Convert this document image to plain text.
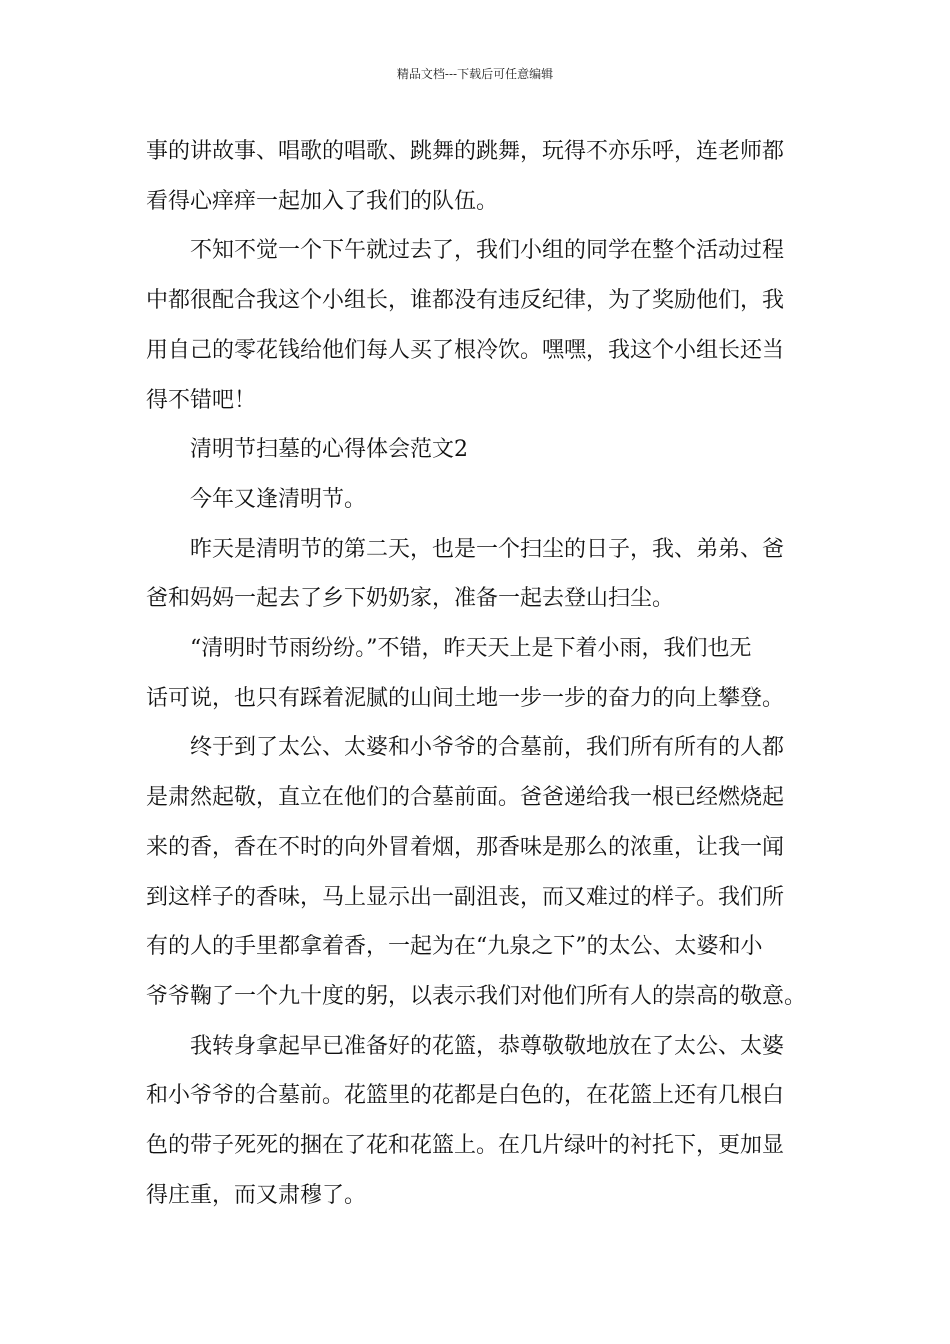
精品文档---下载后可任意编辑
事的讲故事、唱歌的唱歌、跳舞的跳舞，玩得不亦乐呼，连老师都
看得心痒痒一起加入了我们的队伍。
不知不觉一个下午就过去了，我们小组的同学在整个活动过程
中都很配合我这个小组长，谁都没有违反纪律，为了奖励他们，我
用自己的零花钱给他们每人买了根冷饮。嘿嘿，我这个小组长还当
得不错吧！
清明节扫墓的心得体会范文2
今年又逢清明节。
昨天是清明节的第二天，也是一个扫尘的日子，我、弟弟、爸
爸和妈妈一起去了乡下奶奶家，准备一起去登山扫尘。
“清明时节雨纷纷。”不错，昨天天上是下着小雨，我们也无
话可说，也只有踩着泥腻的山间土地一步一步的奋力的向上攀登。
终于到了太公、太婆和小爷爷的合墓前，我们所有所有的人都
是肃然起敬，直立在他们的合墓前面。爸爸递给我一根已经燃烧起
来的香，香在不时的向外冒着烟，那香味是那么的浓重，让我一闻
到这样子的香味，马上显示出一副沮丧，而又难过的样子。我们所
有的人的手里都拿着香，一起为在“九泉之下”的太公、太婆和小
爷爷鞠了一个九十度的躬，以表示我们对他们所有人的崇高的敬意。
我转身拿起早已准备好的花篮，恭尊敬敬地放在了太公、太婆
和小爷爷的合墓前。花篮里的花都是白色的，在花篮上还有几根白
色的带子死死的捆在了花和花篮上。在几片绿叶的衬托下，更加显
得庄重，而又肃穆了。
